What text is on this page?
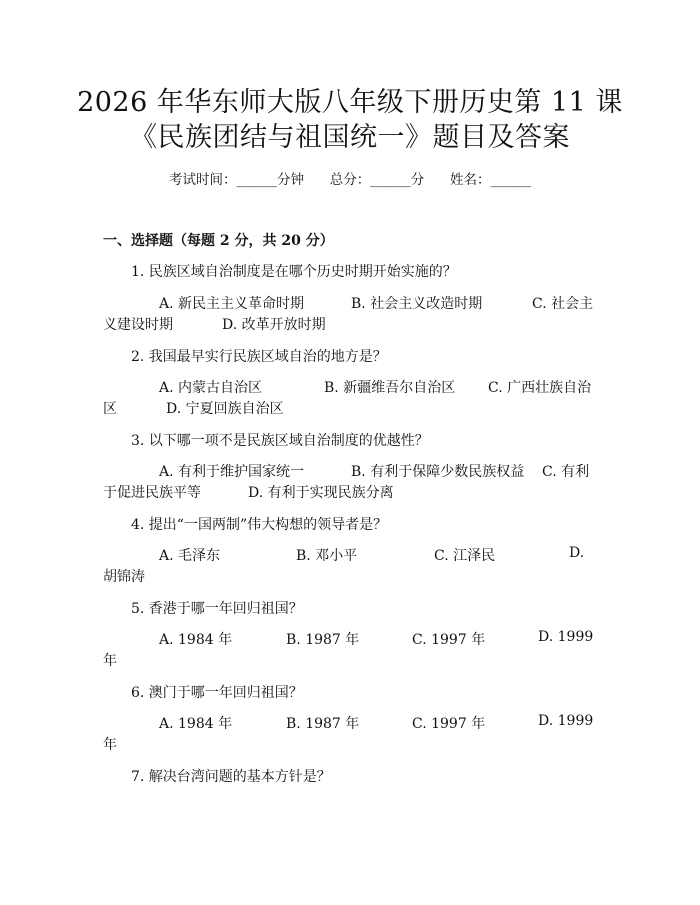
2026 年华东师大版八年级下册历史第 11 课
《民族团结与祖国统一》题目及答案
考试时间：______分钟 总分：______分 姓名：______
一、选择题（每题 2 分，共 20 分）
1. 民族区域自治制度是在哪个历史时期开始实施的？
A. 新民主主义革命时期	B. 社会主义改造时期	C. 社会主
义建设时期	D. 改革开放时期
2. 我国最早实行民族区域自治的地方是？
A. 内蒙古自治区	B. 新疆维吾尔自治区 C. 广西壮族自治
区	D. 宁夏回族自治区
3. 以下哪一项不是民族区域自治制度的优越性？
A. 有利于维护国家统一	B. 有利于保障少数民族权益 C. 有利
于促进民族平等	D. 有利于实现民族分离
4. 提出“一国两制”伟大构想的领导者是？
A. 毛泽东	B. 邓小平	C. 江泽民	D.
胡锦涛
5. 香港于哪一年回归祖国？
A. 1984 年	B. 1987 年	C. 1997 年	D. 1999
年
6. 澳门于哪一年回归祖国？
A. 1984 年	B. 1987 年	C. 1997 年	D. 1999
年
7. 解决台湾问题的基本方针是？
